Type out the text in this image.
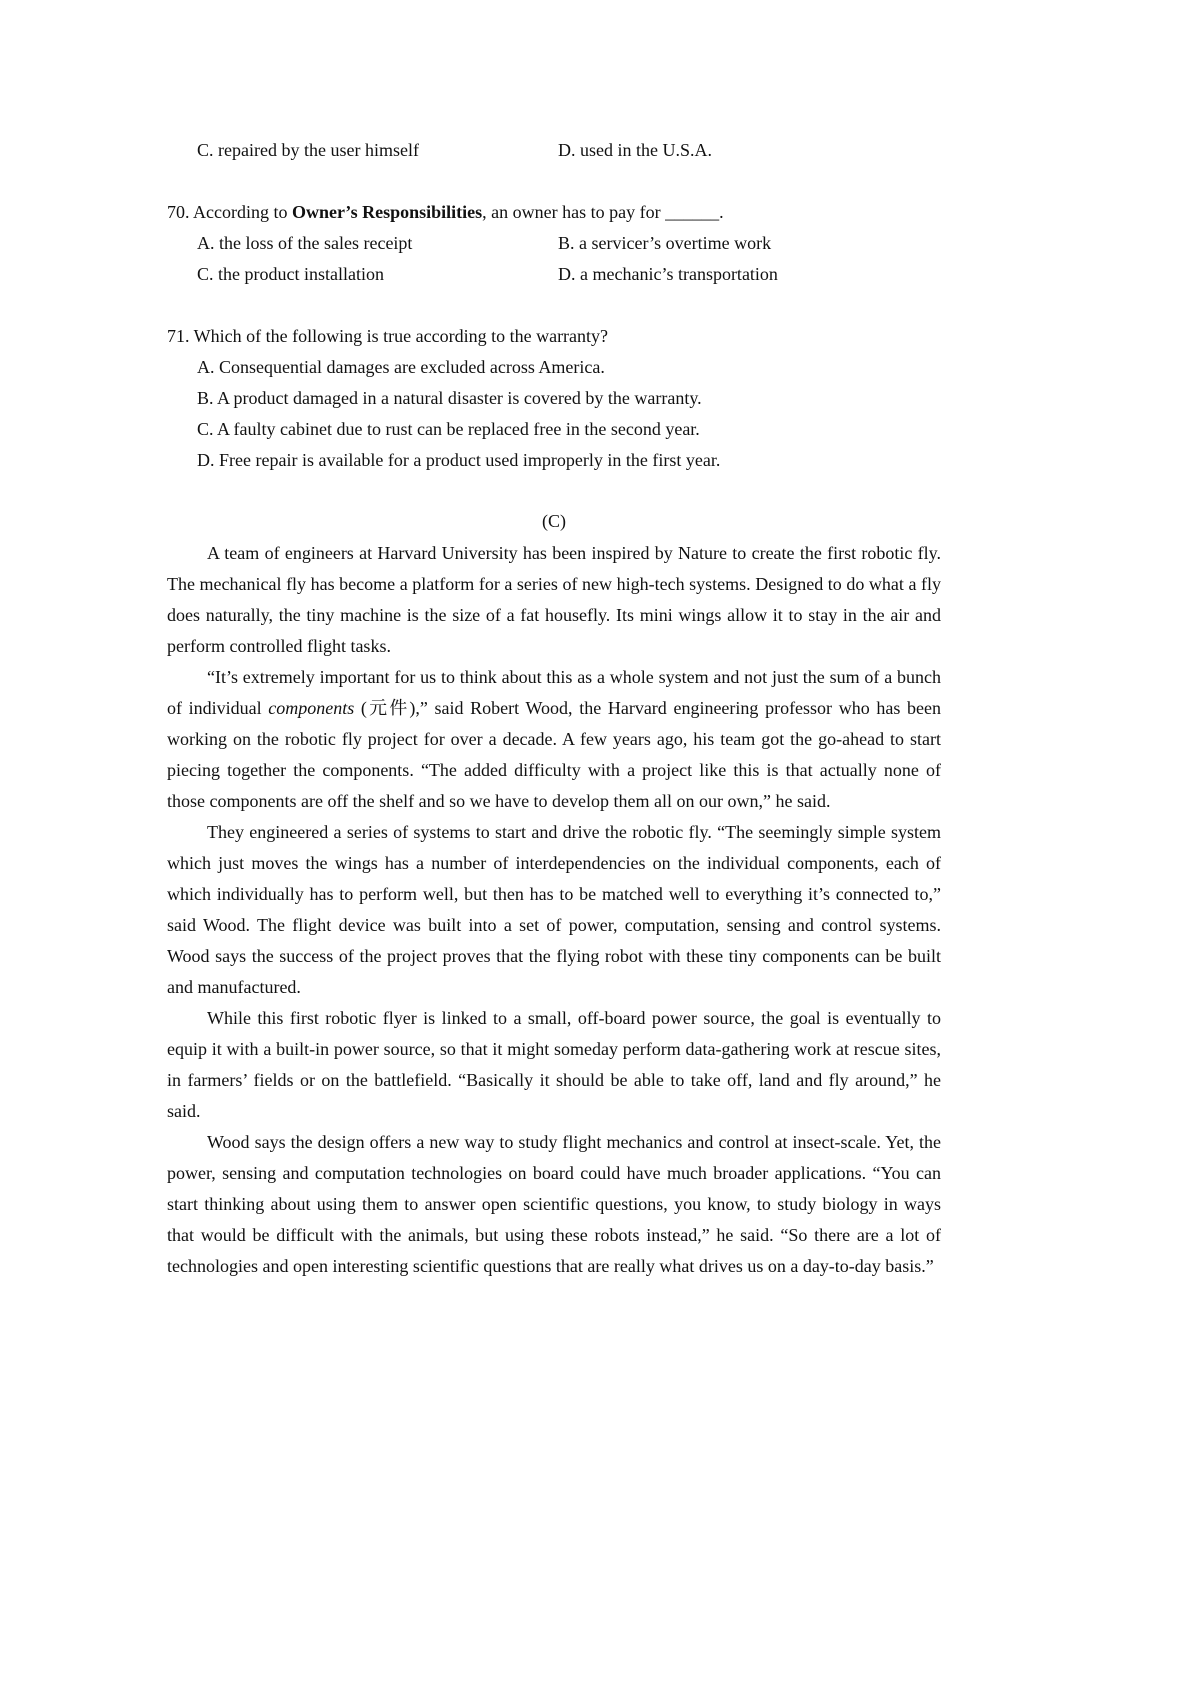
C. repaired by the user himself	D. used in the U.S.A.
70. According to Owner’s Responsibilities, an owner has to pay for ______.
A. the loss of the sales receipt	B. a servicer’s overtime work
C. the product installation	D. a mechanic’s transportation
71. Which of the following is true according to the warranty?
A. Consequential damages are excluded across America.
B. A product damaged in a natural disaster is covered by the warranty.
C. A faulty cabinet due to rust can be replaced free in the second year.
D. Free repair is available for a product used improperly in the first year.
(C)

A team of engineers at Harvard University has been inspired by Nature to create the first robotic fly. The mechanical fly has become a platform for a series of new high-tech systems. Designed to do what a fly does naturally, the tiny machine is the size of a fat housefly. Its mini wings allow it to stay in the air and perform controlled flight tasks.

“It’s extremely important for us to think about this as a whole system and not just the sum of a bunch of individual components (元件),” said Robert Wood, the Harvard engineering professor who has been working on the robotic fly project for over a decade. A few years ago, his team got the go-ahead to start piecing together the components. “The added difficulty with a project like this is that actually none of those components are off the shelf and so we have to develop them all on our own,” he said.

They engineered a series of systems to start and drive the robotic fly. “The seemingly simple system which just moves the wings has a number of interdependencies on the individual components, each of which individually has to perform well, but then has to be matched well to everything it’s connected to,” said Wood. The flight device was built into a set of power, computation, sensing and control systems. Wood says the success of the project proves that the flying robot with these tiny components can be built and manufactured.

While this first robotic flyer is linked to a small, off-board power source, the goal is eventually to equip it with a built-in power source, so that it might someday perform data-gathering work at rescue sites, in farmers’ fields or on the battlefield. “Basically it should be able to take off, land and fly around,” he said.

Wood says the design offers a new way to study flight mechanics and control at insect-scale. Yet, the power, sensing and computation technologies on board could have much broader applications. “You can start thinking about using them to answer open scientific questions, you know, to study biology in ways that would be difficult with the animals, but using these robots instead,” he said. “So there are a lot of technologies and open interesting scientific questions that are really what drives us on a day-to-day basis.”
